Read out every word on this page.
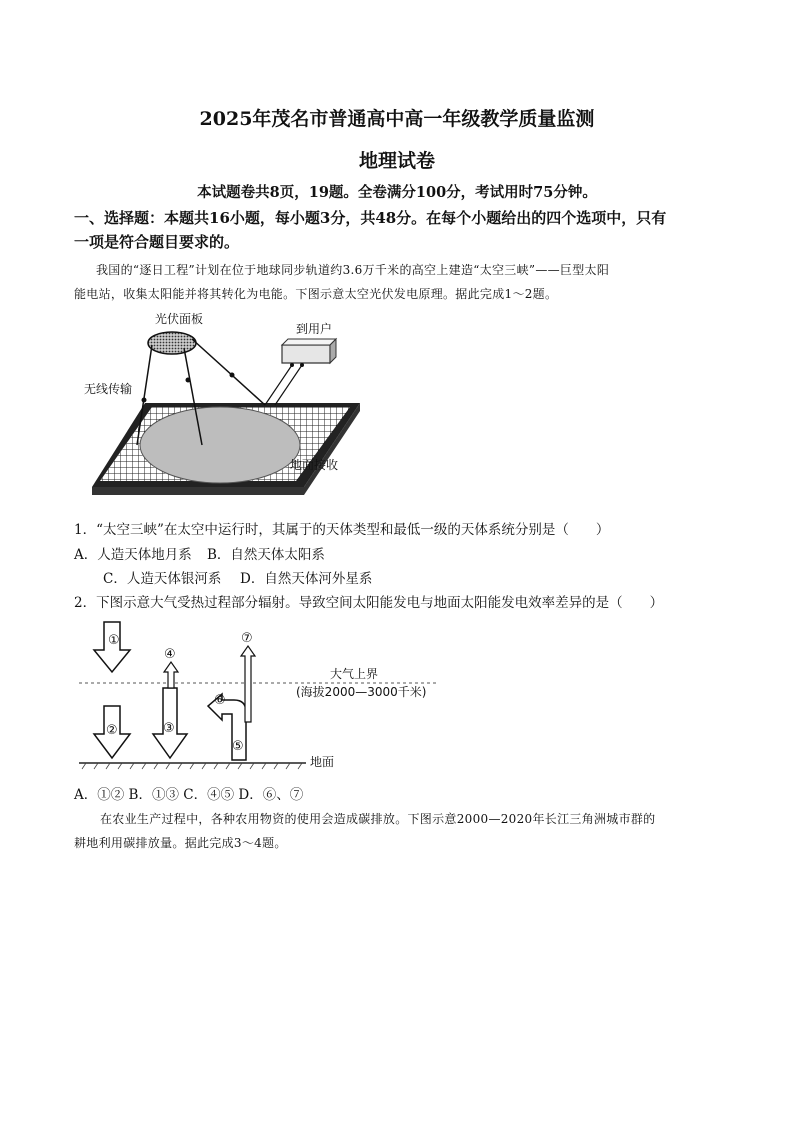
2025年茂名市普通高中高一年级教学质量监测
地理试卷
本试题卷共8页，19题。全卷满分100分，考试用时75分钟。
一、选择题：本题共16小题，每小题3分，共48分。在每个小题给出的四个选项中，只有
一项是符合题目要求的。
我国的“逐日工程”计划在位于地球同步轨道约3.6万千米的高空上建造“太空三峡”——巨型太阳
能电站，收集太阳能并将其转化为电能。下图示意太空光伏发电原理。据此完成1～2题。
光伏面板
到用户
无线传输
地面接收
1．“太空三峡”在太空中运行时，其属于的天体类型和最低一级的天体系统分别是（　　）
A．人造天体地月系 B．自然天体太阳系
C．人造天体银河系 D．自然天体河外星系
2．下图示意大气受热过程部分辐射。导致空间太阳能发电与地面太阳能发电效率差异的是（　　）
①
②	③
④
⑤
⑥
⑦
大气上界
(海拔2000—3000千米)
地面
A．①② B．①③ C．④⑤ D．⑥、⑦
在农业生产过程中，各种农用物资的使用会造成碳排放。下图示意2000—2020年长江三角洲城市群的
耕地利用碳排放量。据此完成3～4题。
